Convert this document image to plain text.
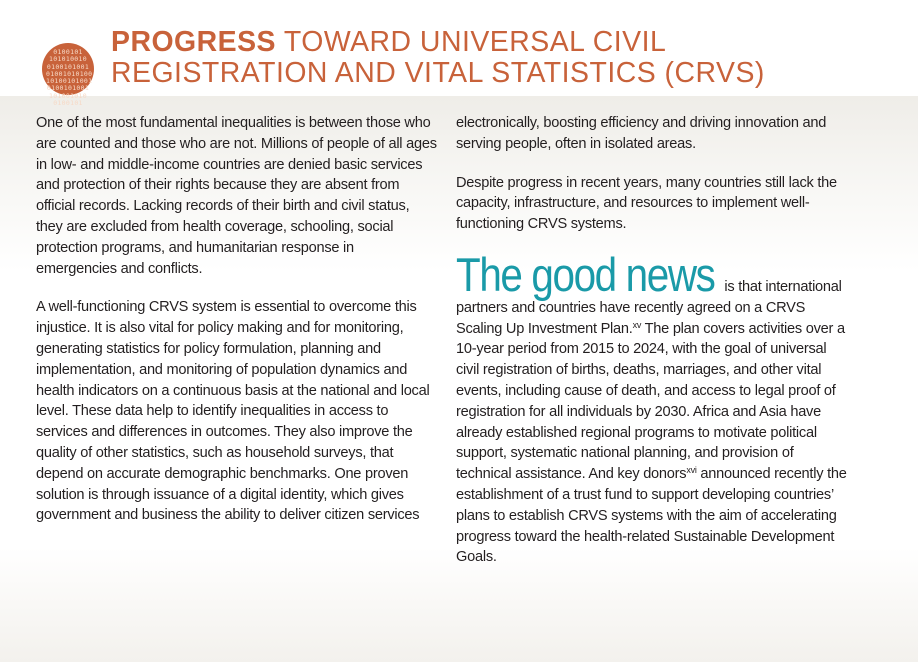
0100101
101010010
0100101001
01001010100
10100101001
0100101001
101001010
0100101
PROGRESS TOWARD UNIVERSAL CIVIL
REGISTRATION AND VITAL STATISTICS (CRVS)

One of the most fundamental inequalities is between those who are counted and those who are not. Millions of people of all ages in low- and middle-income countries are denied basic services and protection of their rights because they are absent from official records. Lacking records of their birth and civil status, they are excluded from health coverage, schooling, social protection programs, and humanitarian response in emergencies and conflicts.

A well-functioning CRVS system is essential to overcome this injustice. It is also vital for policy making and for monitoring, generating statistics for policy formulation, planning and implementation, and monitoring of population dynamics and health indicators on a continuous basis at the national and local level. These data help to identify inequalities in access to services and differences in outcomes. They also improve the quality of other statistics, such as household surveys, that depend on accurate demographic benchmarks. One proven solution is through issuance of a digital identity, which gives government and business the ability to deliver citizen services

electronically, boosting efficiency and driving innovation and serving people, often in isolated areas.

Despite progress in recent years, many countries still lack the capacity, infrastructure, and resources to implement well-functioning CRVS systems.

The good news is that international partners and countries have recently agreed on a CRVS Scaling Up Investment Plan.$^{xv}$ The plan covers activities over a 10-year period from 2015 to 2024, with the goal of universal civil registration of births, deaths, marriages, and other vital events, including cause of death, and access to legal proof of registration for all individuals by 2030. Africa and Asia have already established regional programs to motivate political support, systematic national planning, and provision of technical assistance. And key donors$^{xvi}$ announced recently the establishment of a trust fund to support developing countries’ plans to establish CRVS systems with the aim of accelerating progress toward the health-related Sustainable Development Goals.
